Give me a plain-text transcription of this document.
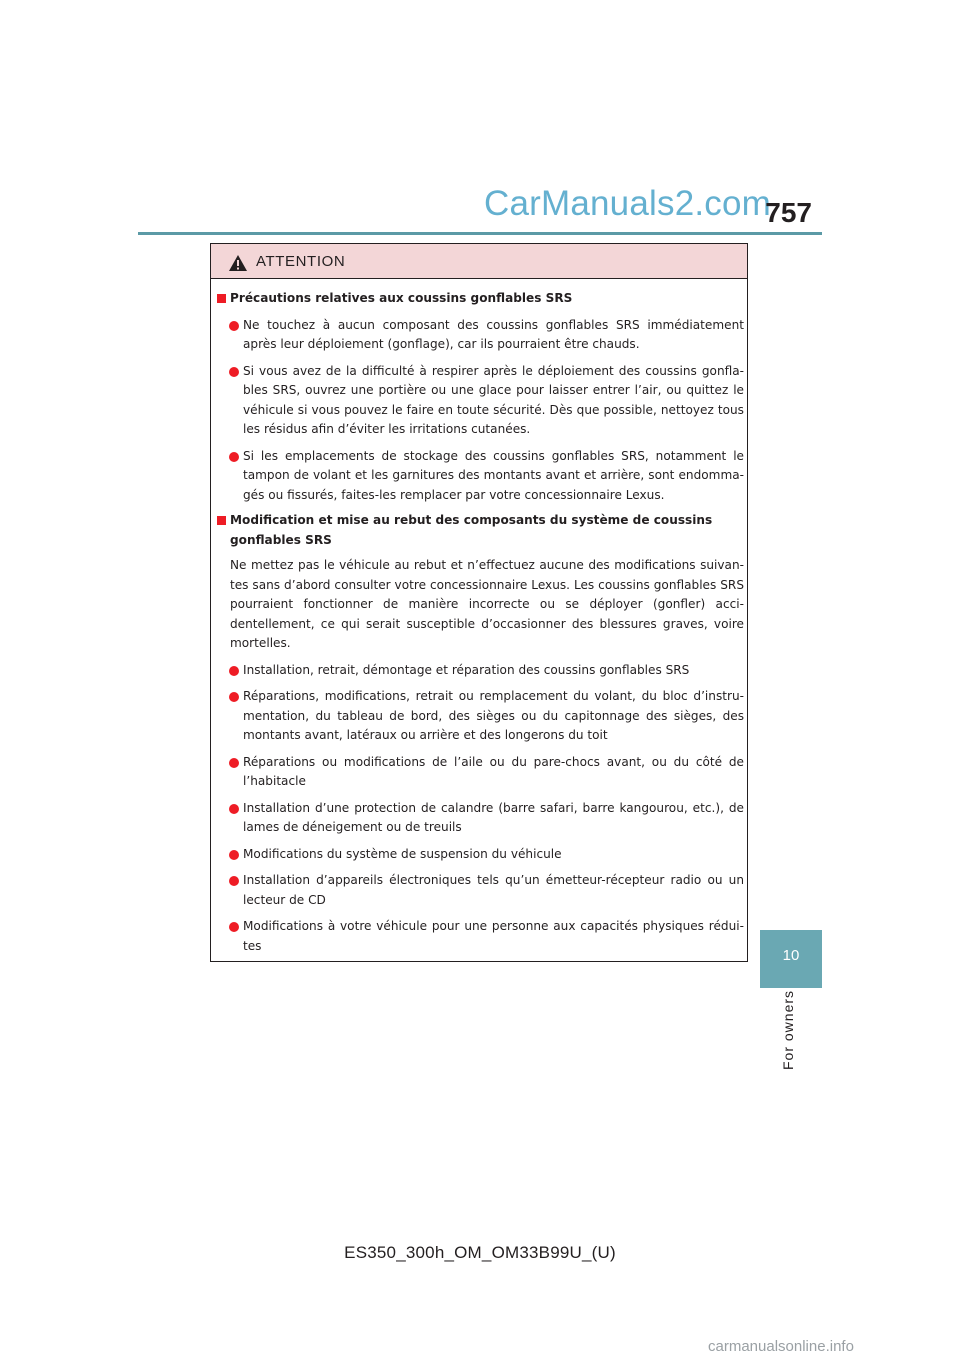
CarManuals2.com
757
10
For owners
ATTENTION

Précautions relatives aux coussins gonflables SRS

Ne touchez à aucun composant des coussins gonflables SRS immédiatement après leur déploiement (gonflage), car ils pourraient être chauds.

Si vous avez de la difficulté à respirer après le déploiement des coussins gonfla-bles SRS, ouvrez une portière ou une glace pour laisser entrer l’air, ou quittez le véhicule si vous pouvez le faire en toute sécurité. Dès que possible, nettoyez tous les résidus afin d’éviter les irritations cutanées.

Si les emplacements de stockage des coussins gonflables SRS, notamment le tampon de volant et les garnitures des montants avant et arrière, sont endomma-gés ou fissurés, faites-les remplacer par votre concessionnaire Lexus.

Modification et mise au rebut des composants du système de coussins gonflables SRS

Ne mettez pas le véhicule au rebut et n’effectuez aucune des modifications suivan-tes sans d’abord consulter votre concessionnaire Lexus. Les coussins gonflables SRS pourraient fonctionner de manière incorrecte ou se déployer (gonfler) acci-dentellement, ce qui serait susceptible d’occasionner des blessures graves, voire mortelles.

Installation, retrait, démontage et réparation des coussins gonflables SRS

Réparations, modifications, retrait ou remplacement du volant, du bloc d’instru-mentation, du tableau de bord, des sièges ou du capitonnage des sièges, des montants avant, latéraux ou arrière et des longerons du toit

Réparations ou modifications de l’aile ou du pare-chocs avant, ou du côté de l’habitacle

Installation d’une protection de calandre (barre safari, barre kangourou, etc.), de lames de déneigement ou de treuils

Modifications du système de suspension du véhicule

Installation d’appareils électroniques tels qu’un émetteur-récepteur radio ou un lecteur de CD

Modifications à votre véhicule pour une personne aux capacités physiques rédui-tes

ES350_300h_OM_OM33B99U_(U)
carmanualsonline.info
